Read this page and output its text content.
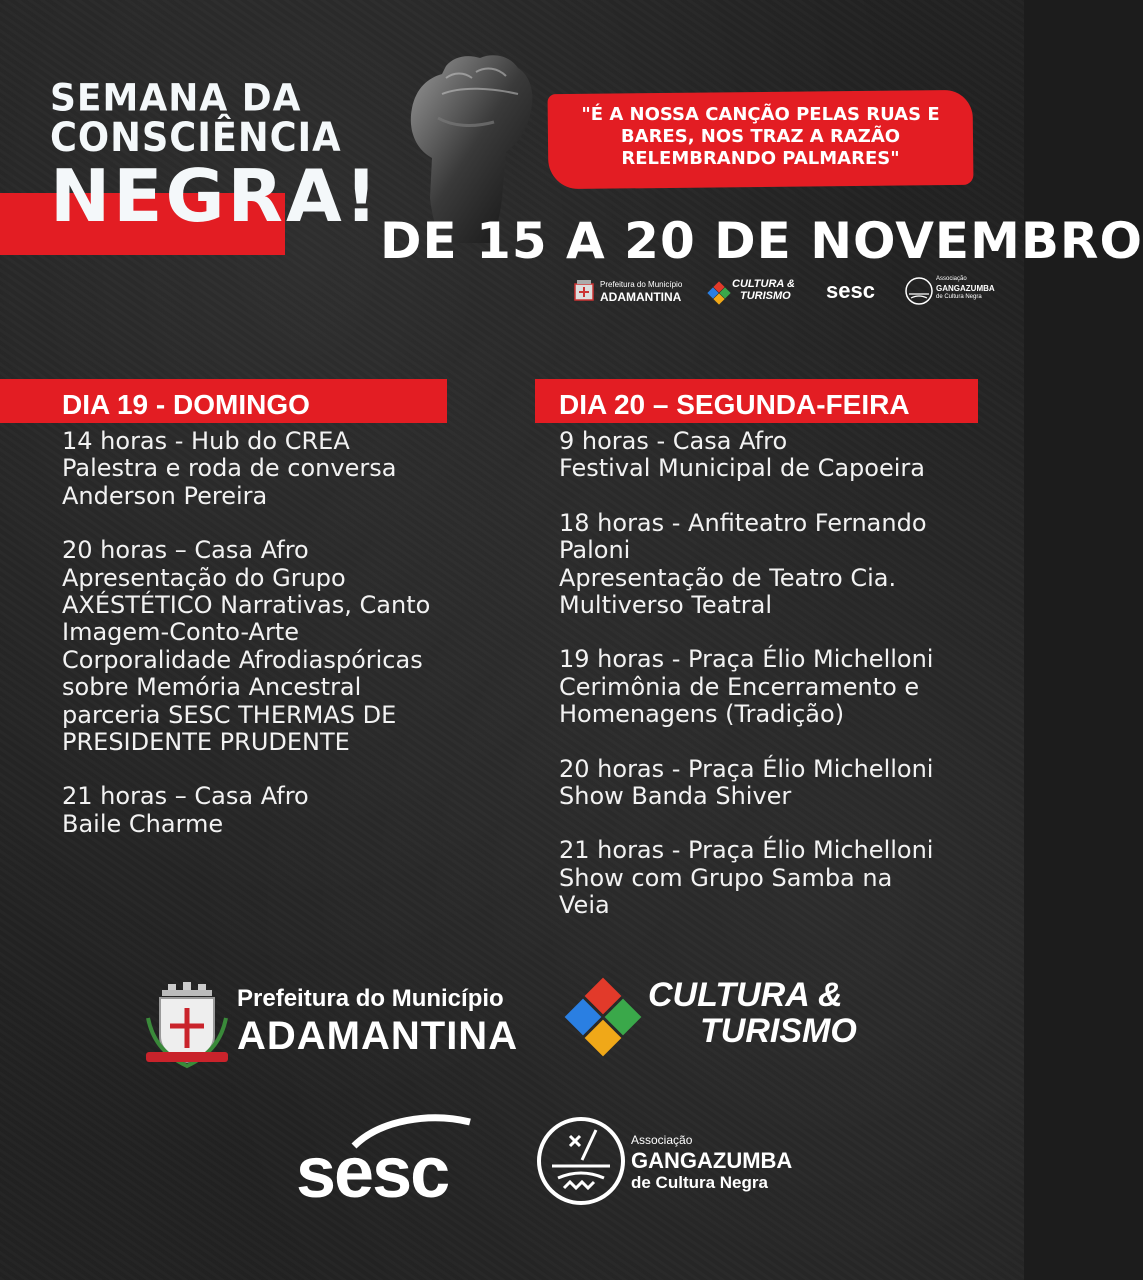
SEMANA DA
CONSCIÊNCIA
NEGRA!
"É A NOSSA CANÇÃO PELAS RUAS E
BARES, NOS TRAZ A RAZÃO
RELEMBRANDO PALMARES"
DE 15 A 20 DE NOVEMBRO
Prefeitura do Município
ADAMANTINA
CULTURA &
TURISMO sesc	Associação
GANGAZUMBA
de Cultura Negra
DIA 19 - DOMINGO
14 horas - Hub do CREA
Palestra e roda de conversa
Anderson Pereira
20 horas – Casa Afro
Apresentação do Grupo
AXÉSTÉTICO Narrativas, Canto
Imagem-Conto-Arte
Corporalidade Afrodiaspóricas
sobre Memória Ancestral
parceria SESC THERMAS DE
PRESIDENTE PRUDENTE
21 horas – Casa Afro
Baile Charme
DIA 20 – SEGUNDA-FEIRA
9 horas - Casa Afro
Festival Municipal de Capoeira
18 horas - Anfiteatro Fernando
Paloni
Apresentação de Teatro Cia.
Multiverso Teatral
19 horas - Praça Élio Michelloni
Cerimônia de Encerramento e
Homenagens (Tradição)
20 horas - Praça Élio Michelloni
Show Banda Shiver
21 horas - Praça Élio Michelloni
Show com Grupo Samba na
Veia
Prefeitura do Município
ADAMANTINA
CULTURA &
TURISMO
sesc	Associação
GANGAZUMBA
de Cultura Negra
